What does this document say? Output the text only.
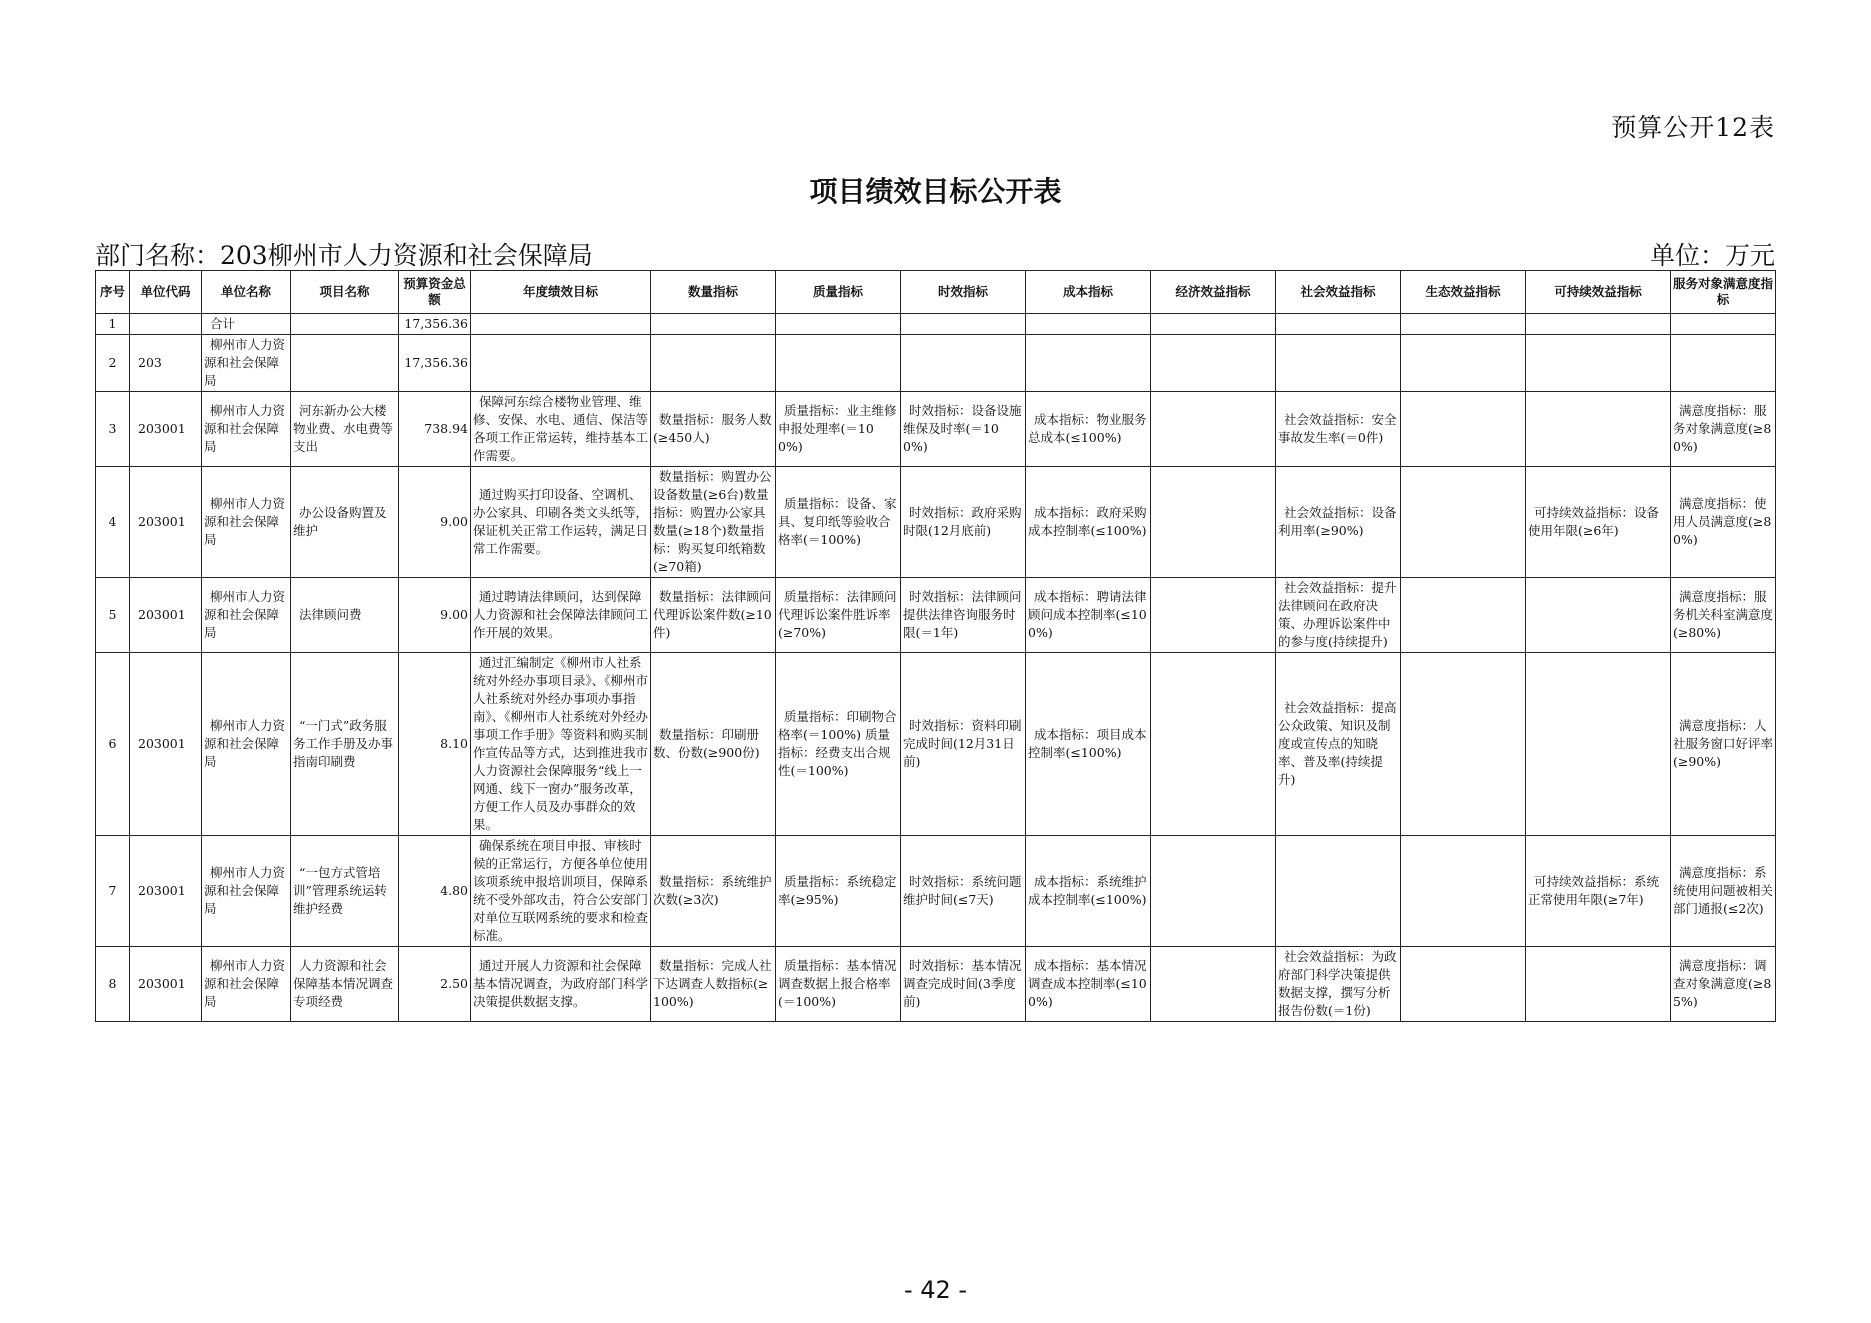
预算公开12表
项目绩效目标公开表
部门名称：203柳州市人力资源和社会保障局	单位：万元
序号	单位代码	单位名称	项目名称	预算资金总额	年度绩效目标	数量指标	质量指标	时效指标	成本指标	经济效益指标	社会效益指标	生态效益指标	可持续效益指标	服务对象满意度指标
1		合计		17,356.36										
2	203	柳州市人力资源和社会保障局		17,356.36										
3	203001	柳州市人力资源和社会保障局	河东新办公大楼物业费、水电费等支出	738.94	保障河东综合楼物业管理、维修、安保、水电、通信、保洁等各项工作正常运转，维持基本工作需要。	数量指标：服务人数(≥450人)	质量指标：业主维修申报处理率(＝100%)	时效指标：设备设施维保及时率(＝100%)	成本指标：物业服务总成本(≤100%)		社会效益指标：安全事故发生率(＝0件)			满意度指标：服务对象满意度(≥80%)
4	203001	柳州市人力资源和社会保障局	办公设备购置及维护	9.00	通过购买打印设备、空调机、办公家具、印刷各类文头纸等，保证机关正常工作运转，满足日常工作需要。	数量指标：购置办公设备数量(≥6台)数量指标：购置办公家具数量(≥18个)数量指标：购买复印纸箱数(≥70箱)	质量指标：设备、家具、复印纸等验收合格率(＝100%)	时效指标：政府采购时限(12月底前)	成本指标：政府采购成本控制率(≤100%)		社会效益指标：设备利用率(≥90%)		可持续效益指标：设备使用年限(≥6年)	满意度指标：使用人员满意度(≥80%)
5	203001	柳州市人力资源和社会保障局	法律顾问费	9.00	通过聘请法律顾问，达到保障人力资源和社会保障法律顾问工作开展的效果。	数量指标：法律顾问代理诉讼案件数(≥10件)	质量指标：法律顾问代理诉讼案件胜诉率(≥70%)	时效指标：法律顾问提供法律咨询服务时限(＝1年)	成本指标：聘请法律顾问成本控制率(≤100%)		社会效益指标：提升法律顾问在政府决策、办理诉讼案件中的参与度(持续提升)			满意度指标：服务机关科室满意度(≥80%)
6	203001	柳州市人力资源和社会保障局	“一门式”政务服务工作手册及办事指南印刷费	8.10	通过汇编制定《柳州市人社系统对外经办事项目录》、《柳州市人社系统对外经办事项办事指南》、《柳州市人社系统对外经办事项工作手册》等资料和购买制作宣传品等方式，达到推进我市人力资源社会保障服务“线上一网通、线下一窗办”服务改革，方便工作人员及办事群众的效果。	数量指标：印刷册数、份数(≥900份)	质量指标：印刷物合格率(＝100%) 质量指标：经费支出合规性(＝100%)	时效指标：资料印刷完成时间(12月31日前)	成本指标：项目成本控制率(≤100%)		社会效益指标：提高公众政策、知识及制度或宣传点的知晓率、普及率(持续提升)			满意度指标：人社服务窗口好评率(≥90%)
7	203001	柳州市人力资源和社会保障局	“一包方式管培训”管理系统运转维护经费	4.80	确保系统在项目申报、审核时候的正常运行，方便各单位使用该项系统申报培训项目，保障系统不受外部攻击，符合公安部门对单位互联网系统的要求和检查标准。	数量指标：系统维护次数(≥3次)	质量指标：系统稳定率(≥95%)	时效指标：系统问题维护时间(≤7天)	成本指标：系统维护成本控制率(≤100%)				可持续效益指标：系统正常使用年限(≥7年)	满意度指标：系统使用问题被相关部门通报(≤2次)
8	203001	柳州市人力资源和社会保障局	人力资源和社会保障基本情况调查专项经费	2.50	通过开展人力资源和社会保障基本情况调查，为政府部门科学决策提供数据支撑。	数量指标：完成人社下达调查人数指标(≥100%)	质量指标：基本情况调查数据上报合格率(＝100%)	时效指标：基本情况调查完成时间(3季度前)	成本指标：基本情况调查成本控制率(≤100%)		社会效益指标：为政府部门科学决策提供数据支撑，撰写分析报告份数(＝1份)			满意度指标：调查对象满意度(≥85%)
- 42 -
